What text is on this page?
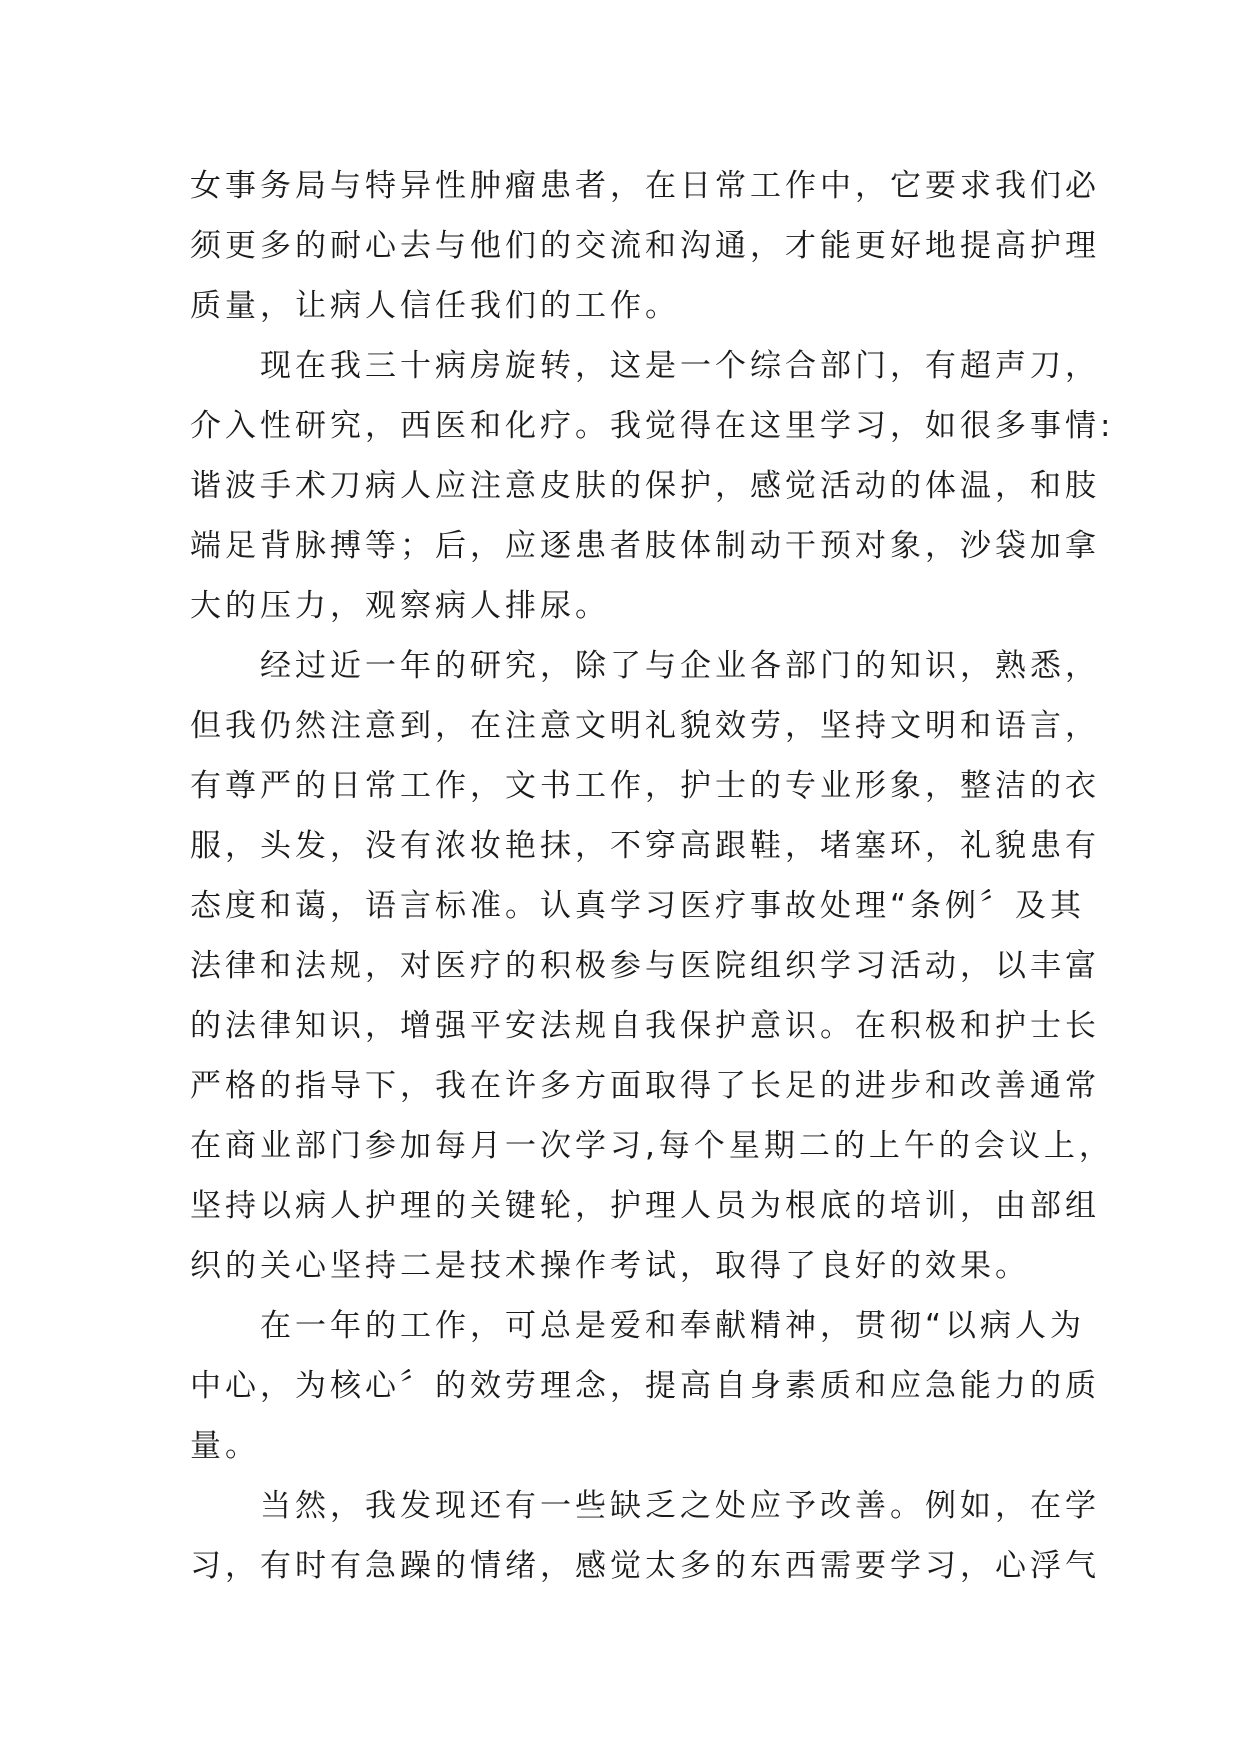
女事务局与特异性肿瘤患者，在日常工作中，它要求我们必
须更多的耐心去与他们的交流和沟通，才能更好地提高护理
质量，让病人信任我们的工作。
现在我三十病房旋转，这是一个综合部门，有超声刀，
介入性研究，西医和化疗。我觉得在这里学习，如很多事情:
谐波手术刀病人应注意皮肤的保护，感觉活动的体温，和肢
端足背脉搏等；后，应逐患者肢体制动干预对象，沙袋加拿
大的压力，观察病人排尿。
经过近一年的研究，除了与企业各部门的知识，熟悉，
但我仍然注意到，在注意文明礼貌效劳，坚持文明和语言，
有尊严的日常工作，文书工作，护士的专业形象，整洁的衣
服，头发，没有浓妆艳抹，不穿高跟鞋，堵塞环，礼貌患有
态度和蔼，语言标准。认真学习医疗事故处理“条例〞及其
法律和法规，对医疗的积极参与医院组织学习活动，以丰富
的法律知识，增强平安法规自我保护意识。在积极和护士长
严格的指导下，我在许多方面取得了长足的进步和改善通常
在商业部门参加每月一次学习,每个星期二的上午的会议上，
坚持以病人护理的关键轮，护理人员为根底的培训，由部组
织的关心坚持二是技术操作考试，取得了良好的效果。
在一年的工作，可总是爱和奉献精神，贯彻“以病人为
中心，为核心〞的效劳理念，提高自身素质和应急能力的质
量。
当然，我发现还有一些缺乏之处应予改善。例如，在学
习，有时有急躁的情绪，感觉太多的东西需要学习，心浮气
